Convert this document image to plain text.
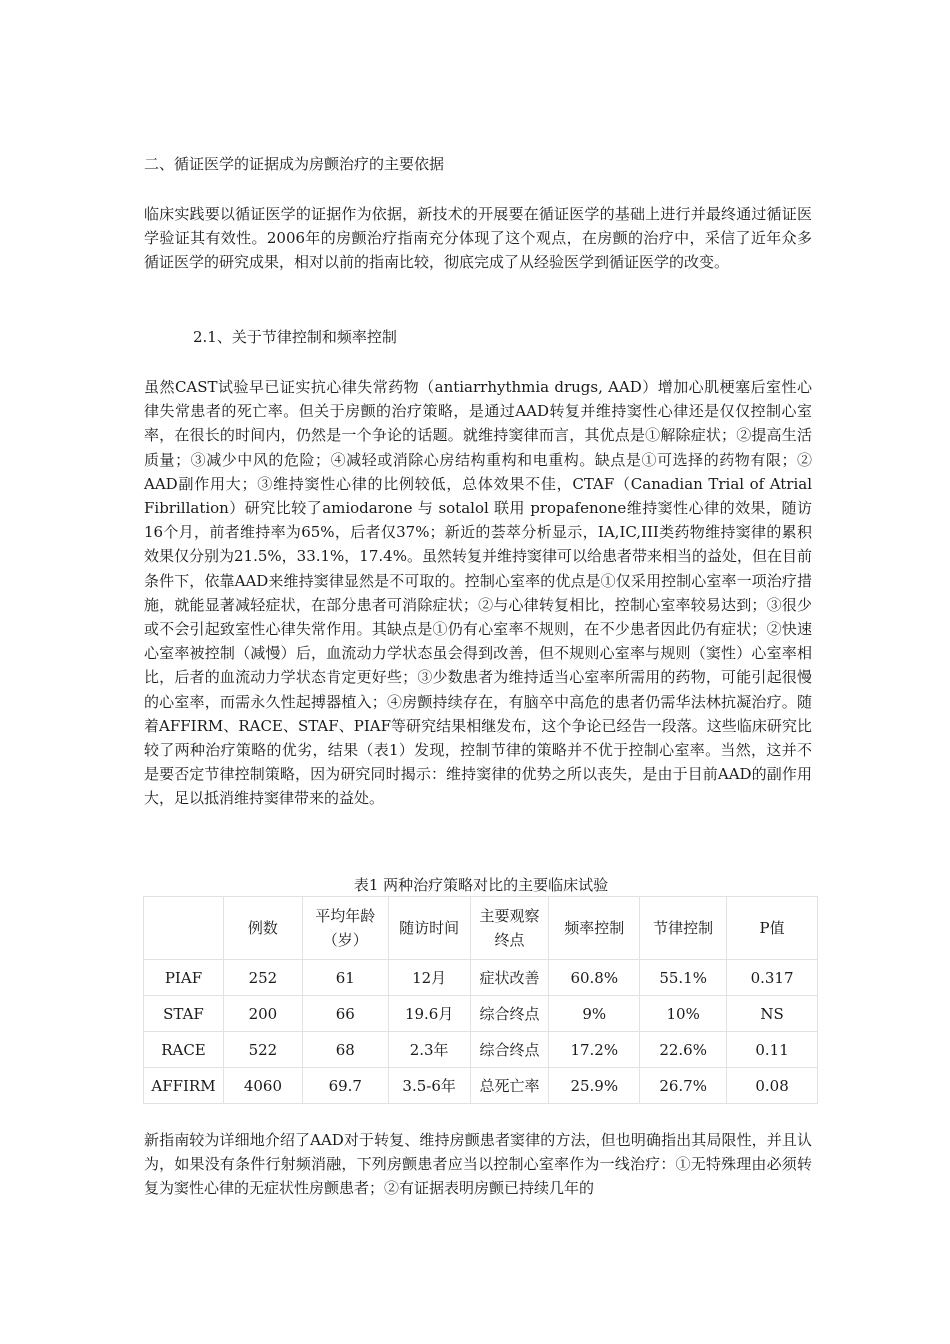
二、循证医学的证据成为房颤治疗的主要依据

临床实践要以循证医学的证据作为依据，新技术的开展要在循证医学的基础上进行并最终通过循证医学验证其有效性。2006年的房颤治疗指南充分体现了这个观点，在房颤的治疗中，采信了近年众多循证医学的研究成果，相对以前的指南比较，彻底完成了从经验医学到循证医学的改变。

2.1、关于节律控制和频率控制

虽然CAST试验早已证实抗心律失常药物（antiarrhythmia drugs, AAD）增加心肌梗塞后室性心律失常患者的死亡率。但关于房颤的治疗策略，是通过AAD转复并维持窦性心律还是仅仅控制心室率，在很长的时间内，仍然是一个争论的话题。就维持窦律而言，其优点是①解除症状；②提高生活质量；③减少中风的危险；④减轻或消除心房结构重构和电重构。缺点是①可选择的药物有限；② AAD副作用大；③维持窦性心律的比例较低，总体效果不佳，CTAF（Canadian Trial of Atrial Fibrillation）研究比较了amiodarone 与 sotalol 联用 propafenone维持窦性心律的效果，随访16个月，前者维持率为65%，后者仅37%；新近的荟萃分析显示，IA,IC,III类药物维持窦律的累积效果仅分别为21.5%，33.1%，17.4%。虽然转复并维持窦律可以给患者带来相当的益处，但在目前条件下，依靠AAD来维持窦律显然是不可取的。控制心室率的优点是①仅采用控制心室率一项治疗措施，就能显著减轻症状，在部分患者可消除症状；②与心律转复相比，控制心室率较易达到；③很少或不会引起致室性心律失常作用。其缺点是①仍有心室率不规则，在不少患者因此仍有症状；②快速心室率被控制（减慢）后，血流动力学状态虽会得到改善，但不规则心室率与规则（窦性）心室率相比，后者的血流动力学状态肯定更好些；③少数患者为维持适当心室率所需用的药物，可能引起很慢的心室率，而需永久性起搏器植入；④房颤持续存在，有脑卒中高危的患者仍需华法林抗凝治疗。随着AFFIRM、RACE、STAF、PIAF等研究结果相继发布，这个争论已经告一段落。这些临床研究比较了两种治疗策略的优劣，结果（表1）发现，控制节律的策略并不优于控制心室率。当然，这并不是要否定节律控制策略，因为研究同时揭示：维持窦律的优势之所以丧失，是由于目前AAD的副作用大，足以抵消维持窦律带来的益处。

表1 两种治疗策略对比的主要临床试验

	例数	平均年龄（岁）	随访时间	主要观察终点	频率控制	节律控制	P值
PIAF	252	61	12月	症状改善	60.8%	55.1%	0.317
STAF	200	66	19.6月	综合终点	9%	10%	NS
RACE	522	68	2.3年	综合终点	17.2%	22.6%	0.11
AFFIRM	4060	69.7	3.5-6年	总死亡率	25.9%	26.7%	0.08

新指南较为详细地介绍了AAD对于转复、维持房颤患者窦律的方法，但也明确指出其局限性，并且认为，如果没有条件行射频消融，下列房颤患者应当以控制心室率作为一线治疗：①无特殊理由必须转复为窦性心律的无症状性房颤患者；②有证据表明房颤已持续几年的
